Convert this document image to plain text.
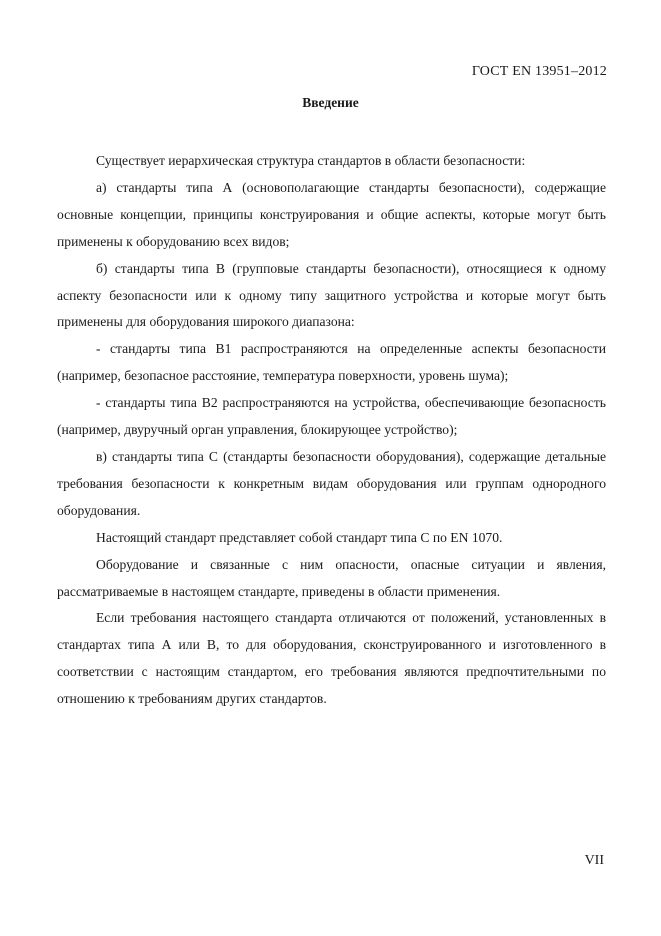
ГОСТ EN 13951–2012
Введение

Существует иерархическая структура стандартов в области безопасности:

а) стандарты типа А (основополагающие стандарты безопасности), содержащие основные концепции, принципы конструирования и общие аспекты, которые могут быть применены к оборудованию всех видов;

б) стандарты типа В (групповые стандарты безопасности), относящиеся к одному аспекту безопасности или к одному типу защитного устройства и которые могут быть применены для оборудования широкого диапазона:

- стандарты типа В1 распространяются на определенные аспекты безопасности (например, безопасное расстояние, температура поверхности, уровень шума);

- стандарты типа В2 распространяются на устройства, обеспечивающие безопасность (например, двуручный орган управления, блокирующее устройство);

в) стандарты типа С (стандарты безопасности оборудования), содержащие детальные требования безопасности к конкретным видам оборудования или группам однородного оборудования.

Настоящий стандарт представляет собой стандарт типа С по EN 1070.

Оборудование и связанные с ним опасности, опасные ситуации и явления, рассматриваемые в настоящем стандарте, приведены в области применения.

Если требования настоящего стандарта отличаются от положений, установленных в стандартах типа А или В, то для оборудования, сконструированного и изготовленного в соответствии с настоящим стандартом, его требования являются предпочтительными по отношению к требованиям других стандартов.

VII
